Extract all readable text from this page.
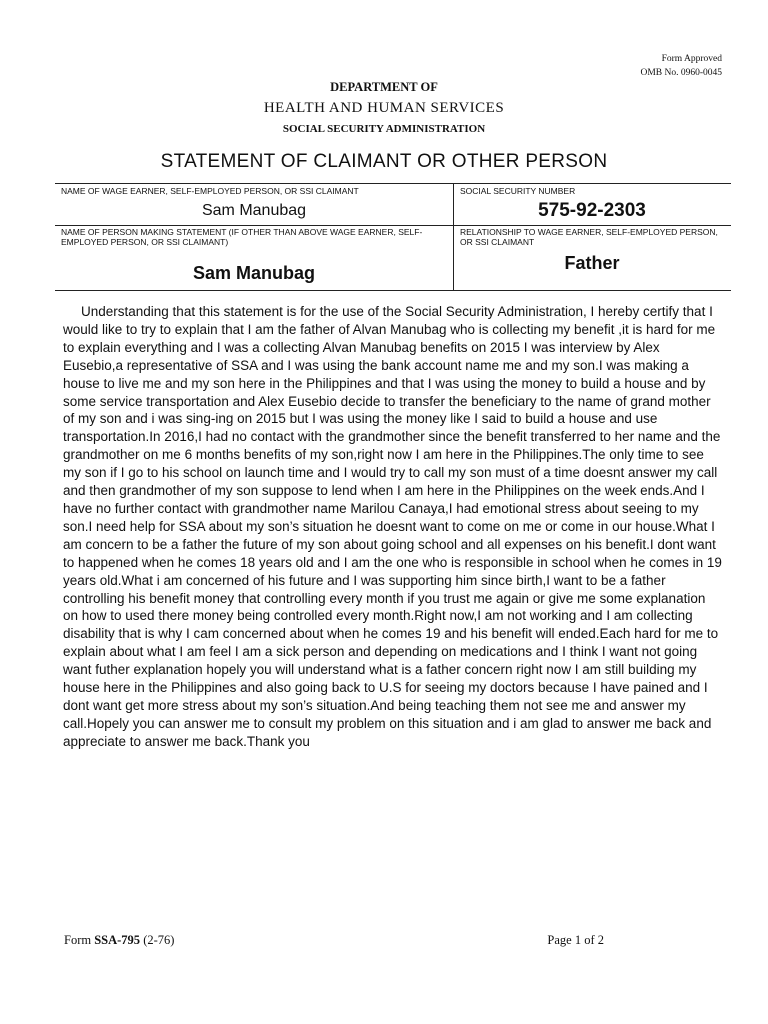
Form Approved
OMB No. 0960-0045
DEPARTMENT OF
HEALTH AND HUMAN SERVICES
SOCIAL SECURITY ADMINISTRATION
STATEMENT OF CLAIMANT OR OTHER PERSON
NAME OF WAGE EARNER, SELF-EMPLOYED PERSON, OR SSI CLAIMANT
Sam Manubag
SOCIAL SECURITY NUMBER
575-92-2303
NAME OF PERSON MAKING STATEMENT (IF OTHER THAN ABOVE WAGE EARNER, SELF-EMPLOYED PERSON, OR SSI CLAIMANT)
Sam Manubag
RELATIONSHIP TO WAGE EARNER, SELF-EMPLOYED PERSON, OR SSI CLAIMANT
Father

Understanding that this statement is for the use of the Social Security Administration, I hereby certify that I would like to try to explain that I am the father of Alvan Manubag who is collecting my benefit ,it is hard for me to explain everything and I was a collecting Alvan Manubag benefits on 2015 I was interview by Alex Eusebio,a representative of SSA and I was using the bank account name me and my son.I was making a house to live me and my son here in the Philippines and that I was using the money to build a house and by some service transportation and Alex Eusebio decide to transfer the beneficiary to the name of grand mother of my son and i was sing-ing on 2015 but I was using the money like I said to build a house and use transportation.In 2016,I had no contact with the grandmother since the benefit transferred to her name and the grandmother on me 6 months benefits of my son,right now I am here in the Philippines.The only time to see my son if I go to his school on launch time and I would try to call my son must of a time doesnt answer my call and then grandmother of my son suppose to lend when I am here in the Philippines on the week ends.And I have no further contact with grandmother name Marilou Canaya,I had emotional stress about seeing to my son.I need help for SSA about my son’s situation he doesnt want to come on me or come in our house.What I am concern to be a father the future of my son about going school and all expenses on his benefit.I dont want to happened when he comes 18 years old and I am the one who is responsible in school when he comes in 19 years old.What i am concerned of his future and I was supporting him since birth,I want to be a father controlling his benefit money that controlling every month if you trust me again or give me some explanation on how to used there money being controlled every month.Right now,I am not working and I am collecting disability that is why I cam concerned about when he comes 19 and his benefit will ended.Each hard for me to explain about what I am feel I am a sick person and depending on medications and I think I want not going want futher explanation hopely you will understand what is a father concern right now I am still building my house here in the Philippines and also going back to U.S for seeing my doctors because I have pained and I dont want get more stress about my son’s situation.And being teaching them not see me and answer my call.Hopely you can answer me to consult my problem on this situation and i am glad to answer me back and appreciate to answer me back.Thank you

Form SSA-795 (2-76)	Page 1 of 2
